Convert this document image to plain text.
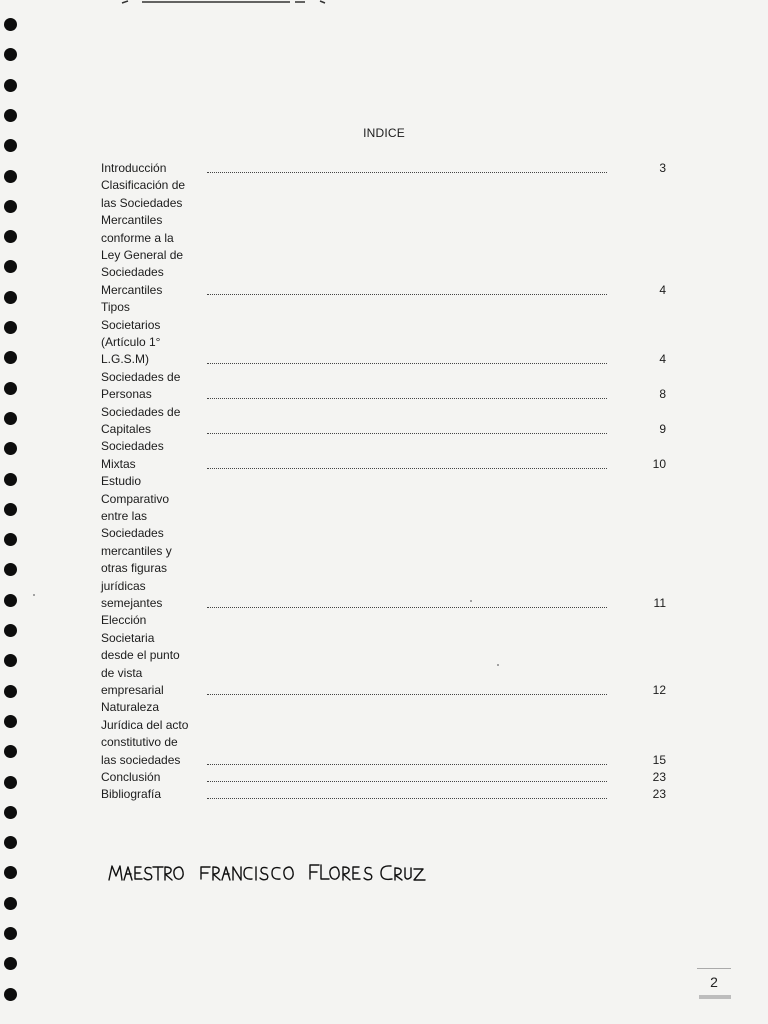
INDICE
Introducción	3
Clasificación de
las Sociedades
Mercantiles
conforme a la
Ley General de
Sociedades
Mercantiles	4
Tipos
Societarios
(Artículo 1°
L.G.S.M)	4
Sociedades de
Personas	8
Sociedades de
Capitales	9
Sociedades
Mixtas	10
Estudio
Comparativo
entre las
Sociedades
mercantiles y
otras figuras
jurídicas
semejantes	11
Elección
Societaria
desde el punto
de vista
empresarial	12
Naturaleza
Jurídica del acto
constitutivo de
las sociedades	15
Conclusión	23
Bibliografía	23
2
